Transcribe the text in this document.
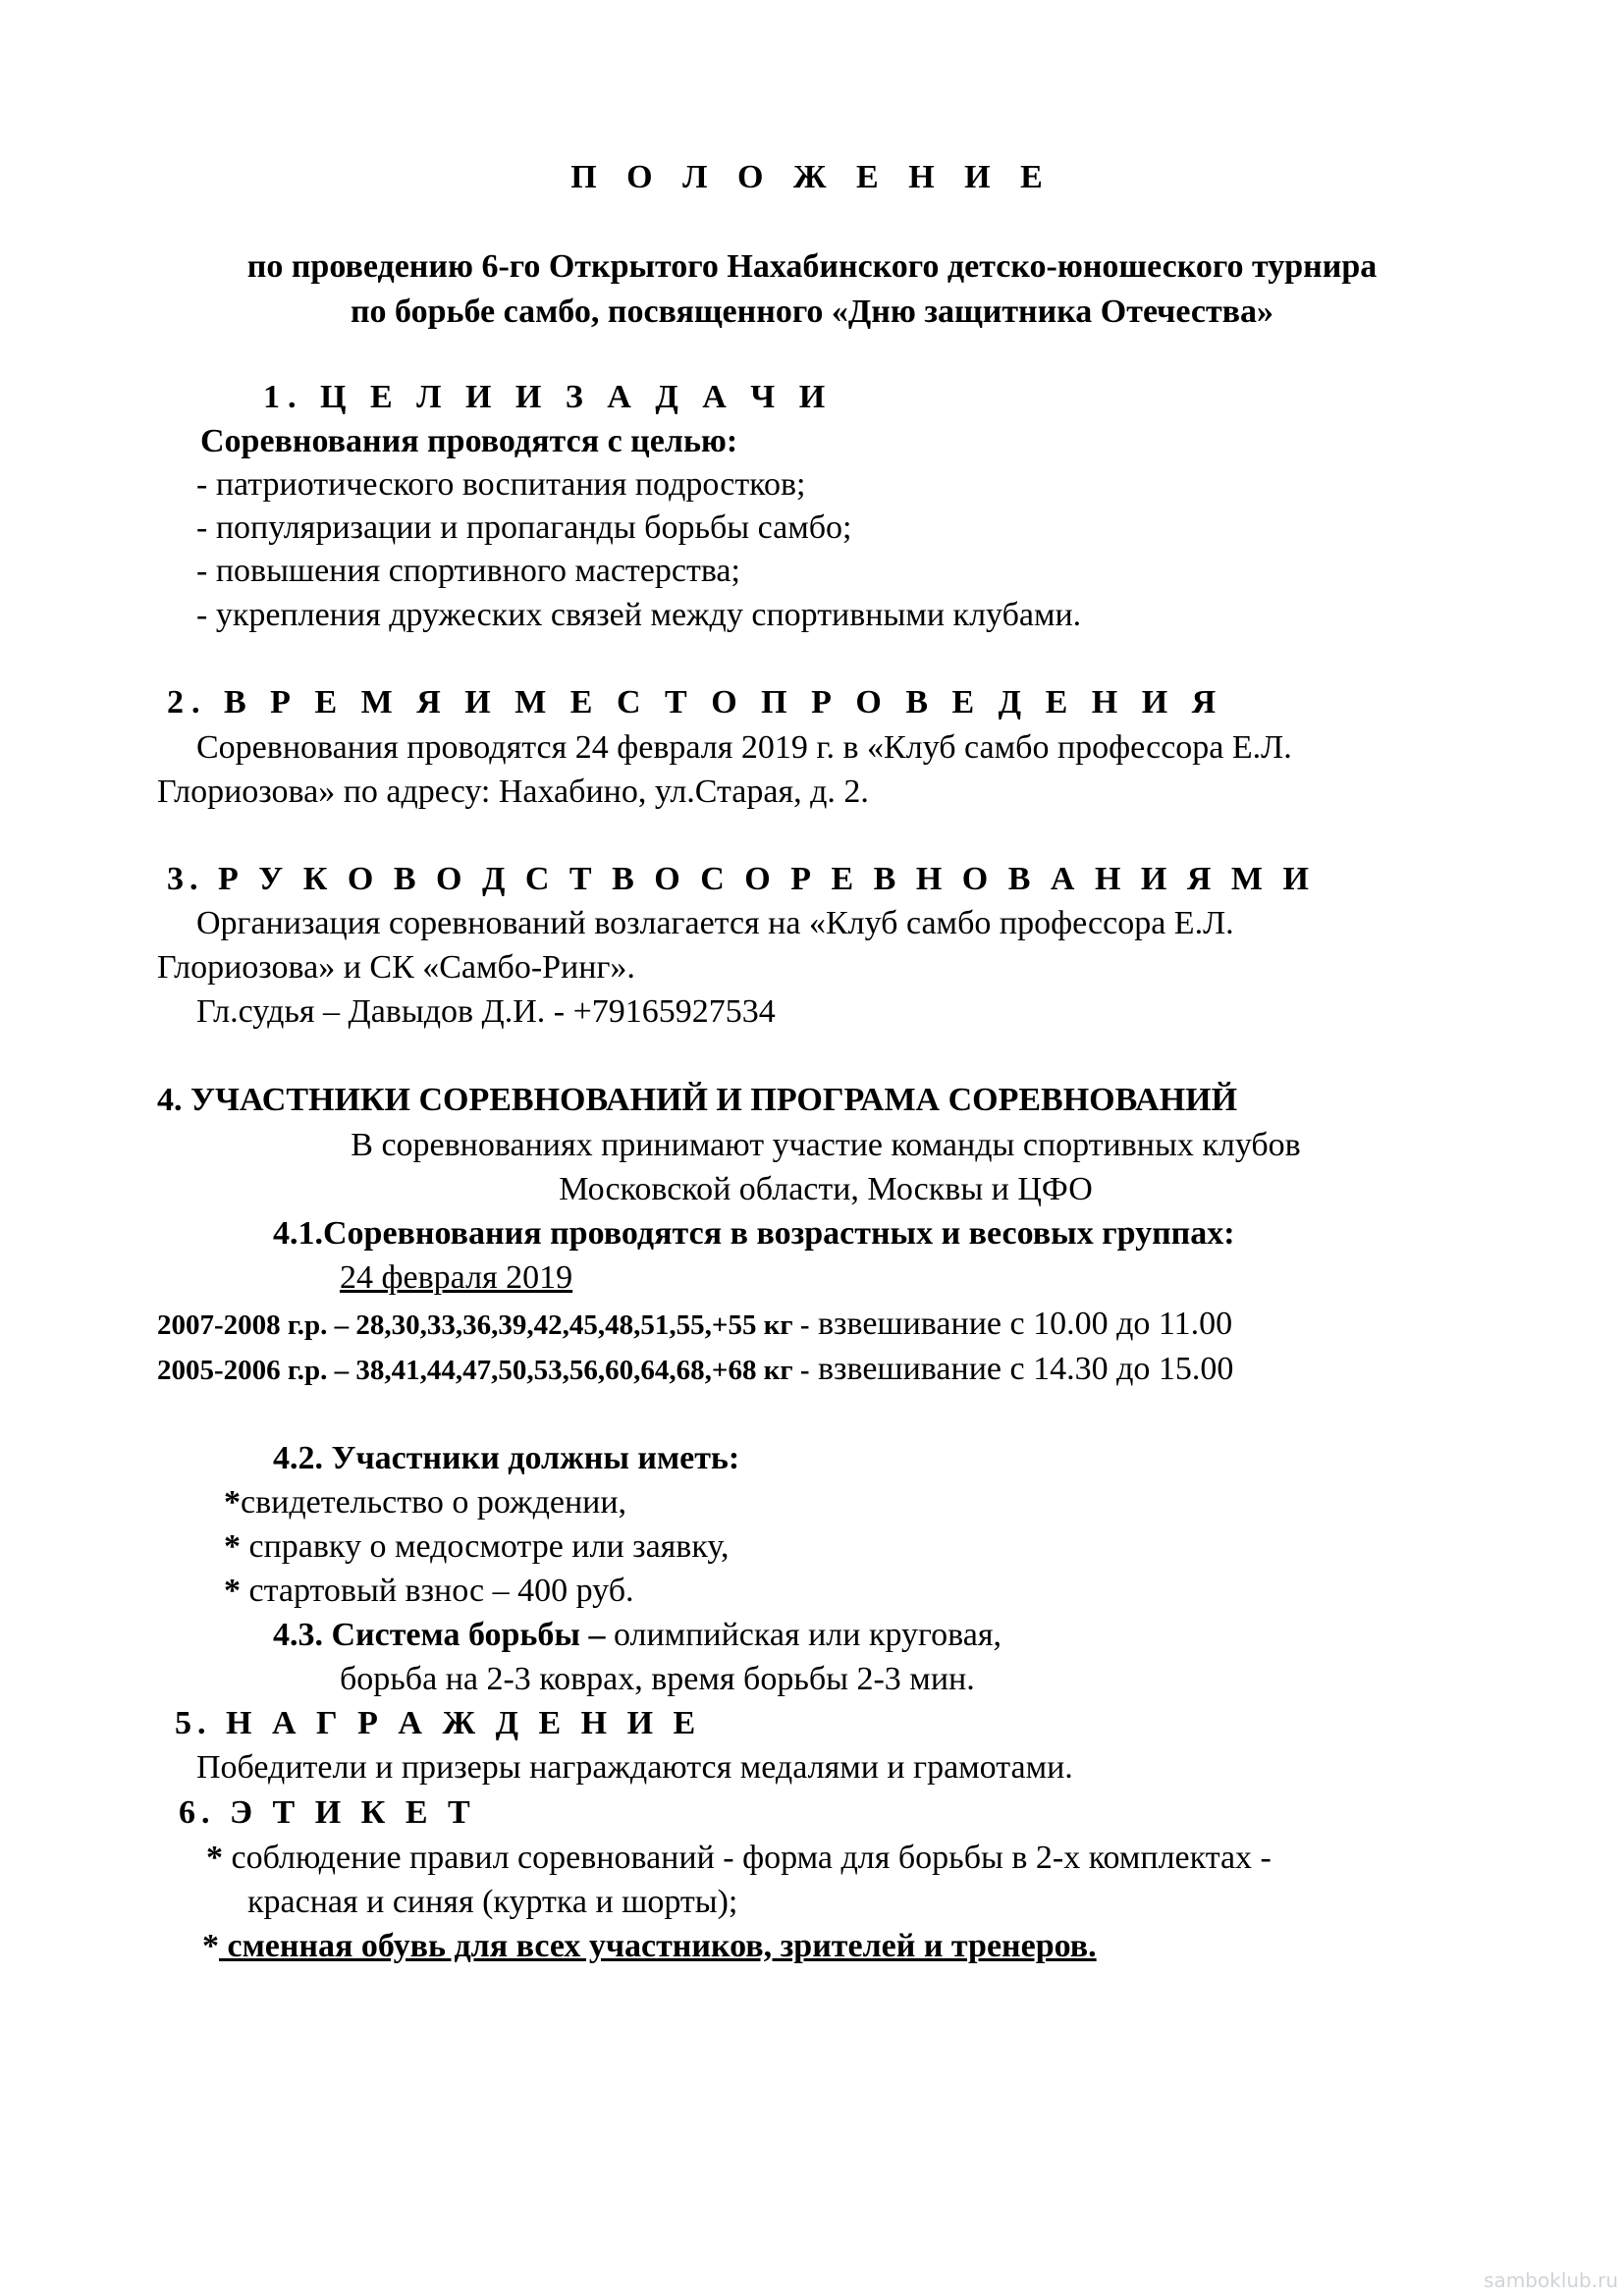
П О Л О Ж Е Н И Е
по проведению 6-го Открытого Нахабинского детско-юношеского турнира
по борьбе самбо, посвященного «Дню защитника Отечества»
1. Ц Е Л И И З А Д А Ч И
Соревнования проводятся с целью:
- патриотического воспитания подростков;
- популяризации и пропаганды борьбы самбо;
- повышения спортивного мастерства;
- укрепления дружеских связей между спортивными клубами.
2. В Р Е М Я И М Е С Т О П Р О В Е Д Е Н И Я
Соревнования проводятся 24 февраля 2019 г. в «Клуб самбо профессора Е.Л.
Глориозова» по адресу: Нахабино, ул.Старая, д. 2.
3. Р У К О В О Д С Т В О С О Р Е В Н О В А Н И Я М И
Организация соревнований возлагается на «Клуб самбо профессора Е.Л.
Глориозова» и СК «Самбо-Ринг».
Гл.судья – Давыдов Д.И. - +79165927534
4. УЧАСТНИКИ СОРЕВНОВАНИЙ И ПРОГРАМА СОРЕВНОВАНИЙ
В соревнованиях принимают участие команды спортивных клубов
Московской области, Москвы и ЦФО
4.1.Соревнования проводятся в возрастных и весовых группах:
24 февраля 2019
2007-2008 г.р. – 28,30,33,36,39,42,45,48,51,55,+55 кг - взвешивание с 10.00 до 11.00
2005-2006 г.р. – 38,41,44,47,50,53,56,60,64,68,+68 кг - взвешивание с 14.30 до 15.00
4.2. Участники должны иметь:
*свидетельство о рождении,
* справку о медосмотре или заявку,
* стартовый взнос – 400 руб.
4.3. Система борьбы – олимпийская или круговая,
борьба на 2-3 коврах, время борьбы 2-3 мин.
5. Н А Г Р А Ж Д Е Н И Е
Победители и призеры награждаются медалями и грамотами.
6. Э Т И К Е Т
* соблюдение правил соревнований - форма для борьбы в 2-х комплектах -
красная и синяя (куртка и шорты);
* сменная обувь для всех участников, зрителей и тренеров.
samboklub.ru
